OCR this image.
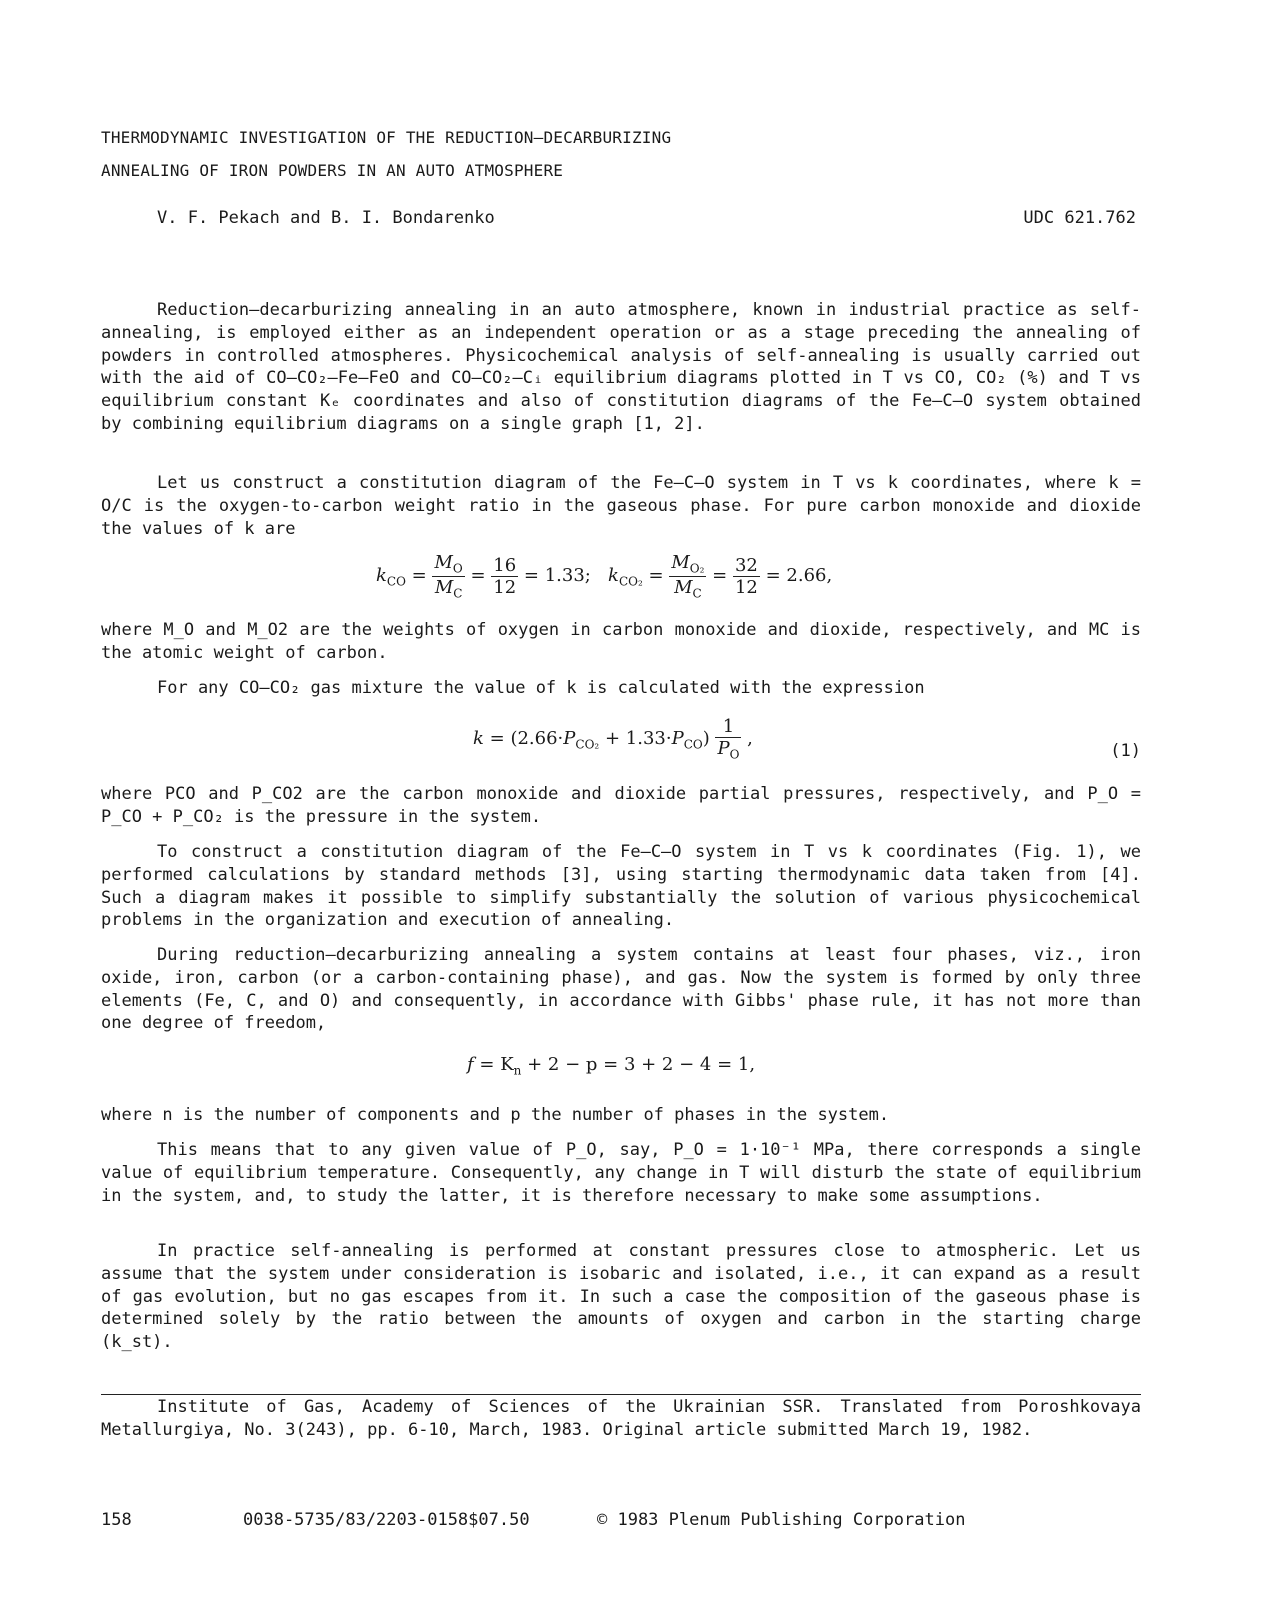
THERMODYNAMIC INVESTIGATION OF THE REDUCTION—DECARBURIZING
ANNEALING OF IRON POWDERS IN AN AUTO ATMOSPHERE
V. F. Pekach and B. I. Bondarenko	UDC 621.762

Reduction—decarburizing annealing in an auto atmosphere, known in industrial practice as self-annealing, is employed either as an independent operation or as a stage preceding the annealing of powders in controlled atmospheres. Physicochemical analysis of self-annealing is usually carried out with the aid of CO—CO₂—Fe—FeO and CO—CO₂—Cᵢ equilibrium diagrams plotted in T vs CO, CO₂ (%) and T vs equilibrium constant Kₑ coordinates and also of constitution diagrams of the Fe—C—O system obtained by combining equilibrium diagrams on a single graph [1, 2].

Let us construct a constitution diagram of the Fe—C—O system in T vs k coordinates, where k = O/C is the oxygen-to-carbon weight ratio in the gaseous phase. For pure carbon monoxide and dioxide the values of k are

$k_{CO} = \frac{M_O}{M_C} = \frac{16}{12} = 1.33$;   $k_{CO_2} = \frac{M_{O_2}}{M_C} = \frac{32}{12} = 2.66$,

where M_O and M_O2 are the weights of oxygen in carbon monoxide and dioxide, respectively, and MC is the atomic weight of carbon.

For any CO—CO₂ gas mixture the value of k is calculated with the expression

$k = (2.66\cdot P_{CO_2} + 1.33\cdot P_{CO}) \frac{1}{P_O}$ ,
(1)

where PCO and P_CO2 are the carbon monoxide and dioxide partial pressures, respectively, and P_O = P_CO + P_CO₂ is the pressure in the system.

To construct a constitution diagram of the Fe—C—O system in T vs k coordinates (Fig. 1), we performed calculations by standard methods [3], using starting thermodynamic data taken from [4]. Such a diagram makes it possible to simplify substantially the solution of various physicochemical problems in the organization and execution of annealing.

During reduction—decarburizing annealing a system contains at least four phases, viz., iron oxide, iron, carbon (or a carbon-containing phase), and gas. Now the system is formed by only three elements (Fe, C, and O) and consequently, in accordance with Gibbs' phase rule, it has not more than one degree of freedom,

$f = K_n + 2 - p = 3 + 2 - 4 = 1$,

where n is the number of components and p the number of phases in the system.

This means that to any given value of P_O, say, P_O = 1·10⁻¹ MPa, there corresponds a single value of equilibrium temperature. Consequently, any change in T will disturb the state of equilibrium in the system, and, to study the latter, it is therefore necessary to make some assumptions.

In practice self-annealing is performed at constant pressures close to atmospheric. Let us assume that the system under consideration is isobaric and isolated, i.e., it can expand as a result of gas evolution, but no gas escapes from it. In such a case the composition of the gaseous phase is determined solely by the ratio between the amounts of oxygen and carbon in the starting charge (k_st).

Institute of Gas, Academy of Sciences of the Ukrainian SSR. Translated from Poroshkovaya Metallurgiya, No. 3(243), pp. 6-10, March, 1983. Original article submitted March 19, 1982.

158	0038-5735/83/2203-0158$07.50	© 1983 Plenum Publishing Corporation
